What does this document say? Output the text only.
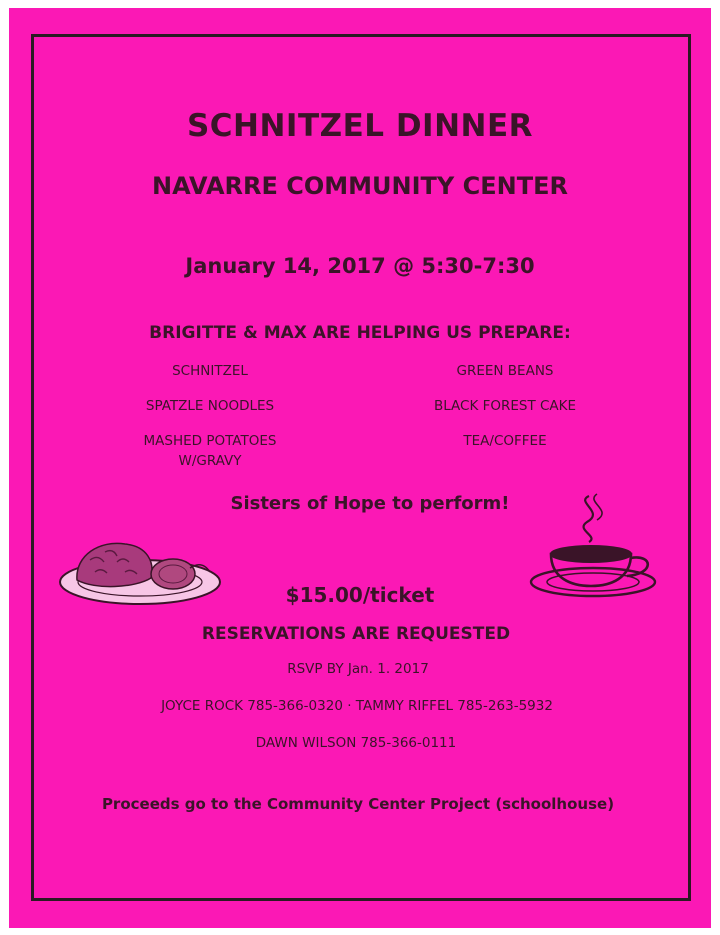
SCHNITZEL DINNER
NAVARRE COMMUNITY CENTER
January 14, 2017 @ 5:30-7:30
BRIGITTE & MAX ARE HELPING US PREPARE:
SCHNITZEL
SPATZLE NOODLES
MASHED POTATOES
W/GRAVY
GREEN BEANS
BLACK FOREST CAKE
TEA/COFFEE
Sisters of Hope to perform!
$15.00/ticket
RESERVATIONS ARE REQUESTED
RSVP BY Jan. 1. 2017
JOYCE ROCK 785-366-0320 · TAMMY RIFFEL 785-263-5932
DAWN WILSON 785-366-0111
Proceeds go to the Community Center Project (schoolhouse)
